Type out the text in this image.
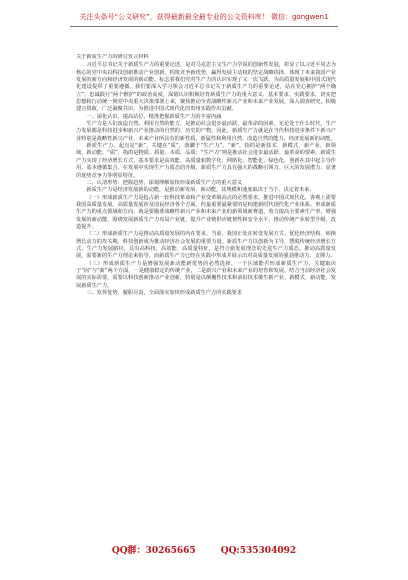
关注头条号“公文研究”，获得最新最全最专业的公文资料库！ 微信：gongwen1

关于新质生产力的研讨发言材料

习近平总书记关于新质生产力的重要论述，是对马克思主义生产力学说的创新性发展，彰显了以习近平同志为核心的党中央以科技创新推动产业创新，构筑竞争新优势，赢得发展主动权的坚定战略抉择，体现了未来我国产业发展的新方向和经济发展的新动能。标志着我们党对生产力的认识实现了又一次飞跃，为高质量发展和中国式现代化建设提供了重要遵循。我们要深入学习领会习近平总书记关于新质生产力的重要论述，站在党心拥护“两个确立”、忠诚践行“两个维护”的政治高度，深刻认识积极培育新质生产力的重大意义、基本要求、实践要求，切实把思想和行动统一到党中央重大决策部署上来，聚焦推动全省战略性新兴产业和未来产业发展，深入调查研究，积极建言资政，广泛凝聚共识，为推进中国式现代化的贵州实践作出贡献。

一、深化认识，提高站位，精准把握新质生产力的丰富内涵

生产力是人们改造自然、利用自然的能力，是推动社会进步最活跃、最革命的因素。无论处于什么时代，生产力发展都是科技进步和新兴产业推动的自然的、历史的产物。因此，新质生产力就是在当代科技进步条件下新兴产业特别是战略性新兴产业、未来产业所具有的新性质、新属性和利用自然、改造自然的能力，经济发展新的动能。

新质生产力。起点是“新”，关键在“质”，落脚于“生产力”。“新”，指的是新技术、新模式、新产业、新领域、新动能。“质”，指的是物质、质量、本质、品质；“生产力”则是推动社会进步最活跃、最革命的要素。新质生产力实现了经济增长方式、基本要求是高效能、高质量和数字化、网络化、智能化、绿色化，创新在其中起主导作用，基本遵循集合，在发展中实现生产力质态的升级，新质生产力具有强大的战略引领力、巨大的发展潜力、显著的优势竞争力等明显特征。

二、认清形势、把握趋势，深刻理解加快形成新质生产力的重大意义

新质生产力是经济发展新的动能，是推动新发展、新动能，其规模和速度取决于当下、决定着未来。

（一）形成新质生产力是抢占新一轮科技革命和产业变革制高点的必然要求。推进中国式现代化，客观上需要我国高质量发展。高质量发展涉及国民经济各个方面，但最重要最紧要的是构建新时代现代化产业体系。形成新质生产力的重点领域和方向，就是要瞄准战略性新兴产业和未来产业的新领域新赛道，着力提高全要素生产率，增强发展的新动能。围绕发展新质生产力布局产业链，提升产业链供应链韧性和安全水平，推动传统产业转型升级、改造提升。

（二）形成新质生产力是推动高质量发展的内在要求。当前，我国正处在转变发展方式、优化经济结构、转换增长动力的攻关期，科技创新成为推动经济社会发展的重要力量。新质生产力以创新为主导，摆脱传统经济增长方式、生产力发展路径，具有高科技、高效能、高质量特征，是符合新发展理念的先进生产力质态。推动高质量发展，需要新的生产力理论来指导，而新质生产力已经在实践中形成并展示出对高质量发展的强劲推动力、支撑力。

（三）形成新质生产力是增强发展新动能新优势的必然选择。一个区域能否形成新质生产力，关键取决于“固”与“新”两个方面，一是健康稳定的传统产业，二是新兴产业和未来产业的培育和发展。结合当前经济社会发展的实际需要，需要以科技创新推动产业创新，特别是以颠覆性技术和前沿技术催生新产业、新模式、新动能，发展新质生产力。

三、发挥优势、履职尽责，全面落实加快形成新质生产力的实践要求

QQ群：30265665	QQ:535304092
